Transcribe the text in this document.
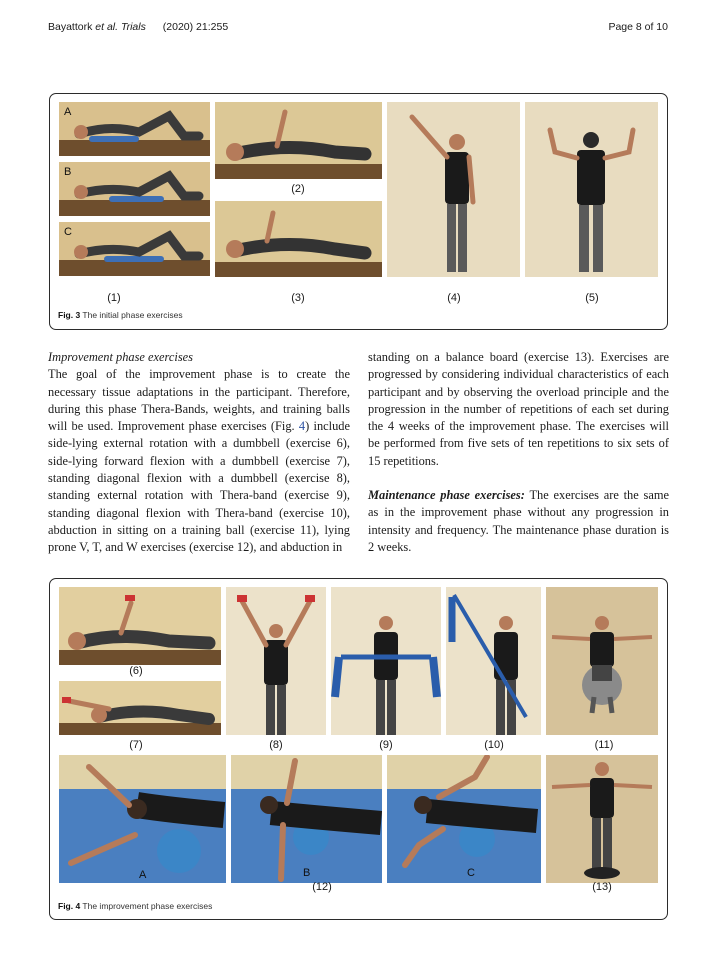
Bayattork et al. Trials (2020) 21:255	Page 8 of 10
A
B
C
(2)
(1)	(3)	(4)	(5)
Fig. 3 The initial phase exercises

Improvement phase exercises

The goal of the improvement phase is to create the necessary tissue adaptations in the participant. Therefore, during this phase Thera-Bands, weights, and training balls will be used. Improvement phase exercises (Fig. 4) include side-lying external rotation with a dumbbell (exercise 6), side-lying forward flexion with a dumbbell (exercise 7), standing diagonal flexion with a dumbbell (exercise 8), standing external rotation with Thera-band (exercise 9), standing diagonal flexion with Thera-band (exercise 10), abduction in sitting on a training ball (exercise 11), lying prone V, T, and W exercises (exercise 12), and abduction in

standing on a balance board (exercise 13). Exercises are progressed by considering individual characteristics of each participant and by observing the overload principle and the progression in the number of repetitions of each set during the 4 weeks of the improvement phase. The exercises will be performed from five sets of ten repetitions to six sets of 15 repetitions.

Maintenance phase exercises: The exercises are the same as in the improvement phase without any progression in intensity and frequency. The maintenance phase duration is 2 weeks.

(6)
(7)	(8)	(9)	(10)	(11)
A	B	C
(12)	(13)
Fig. 4 The improvement phase exercises
